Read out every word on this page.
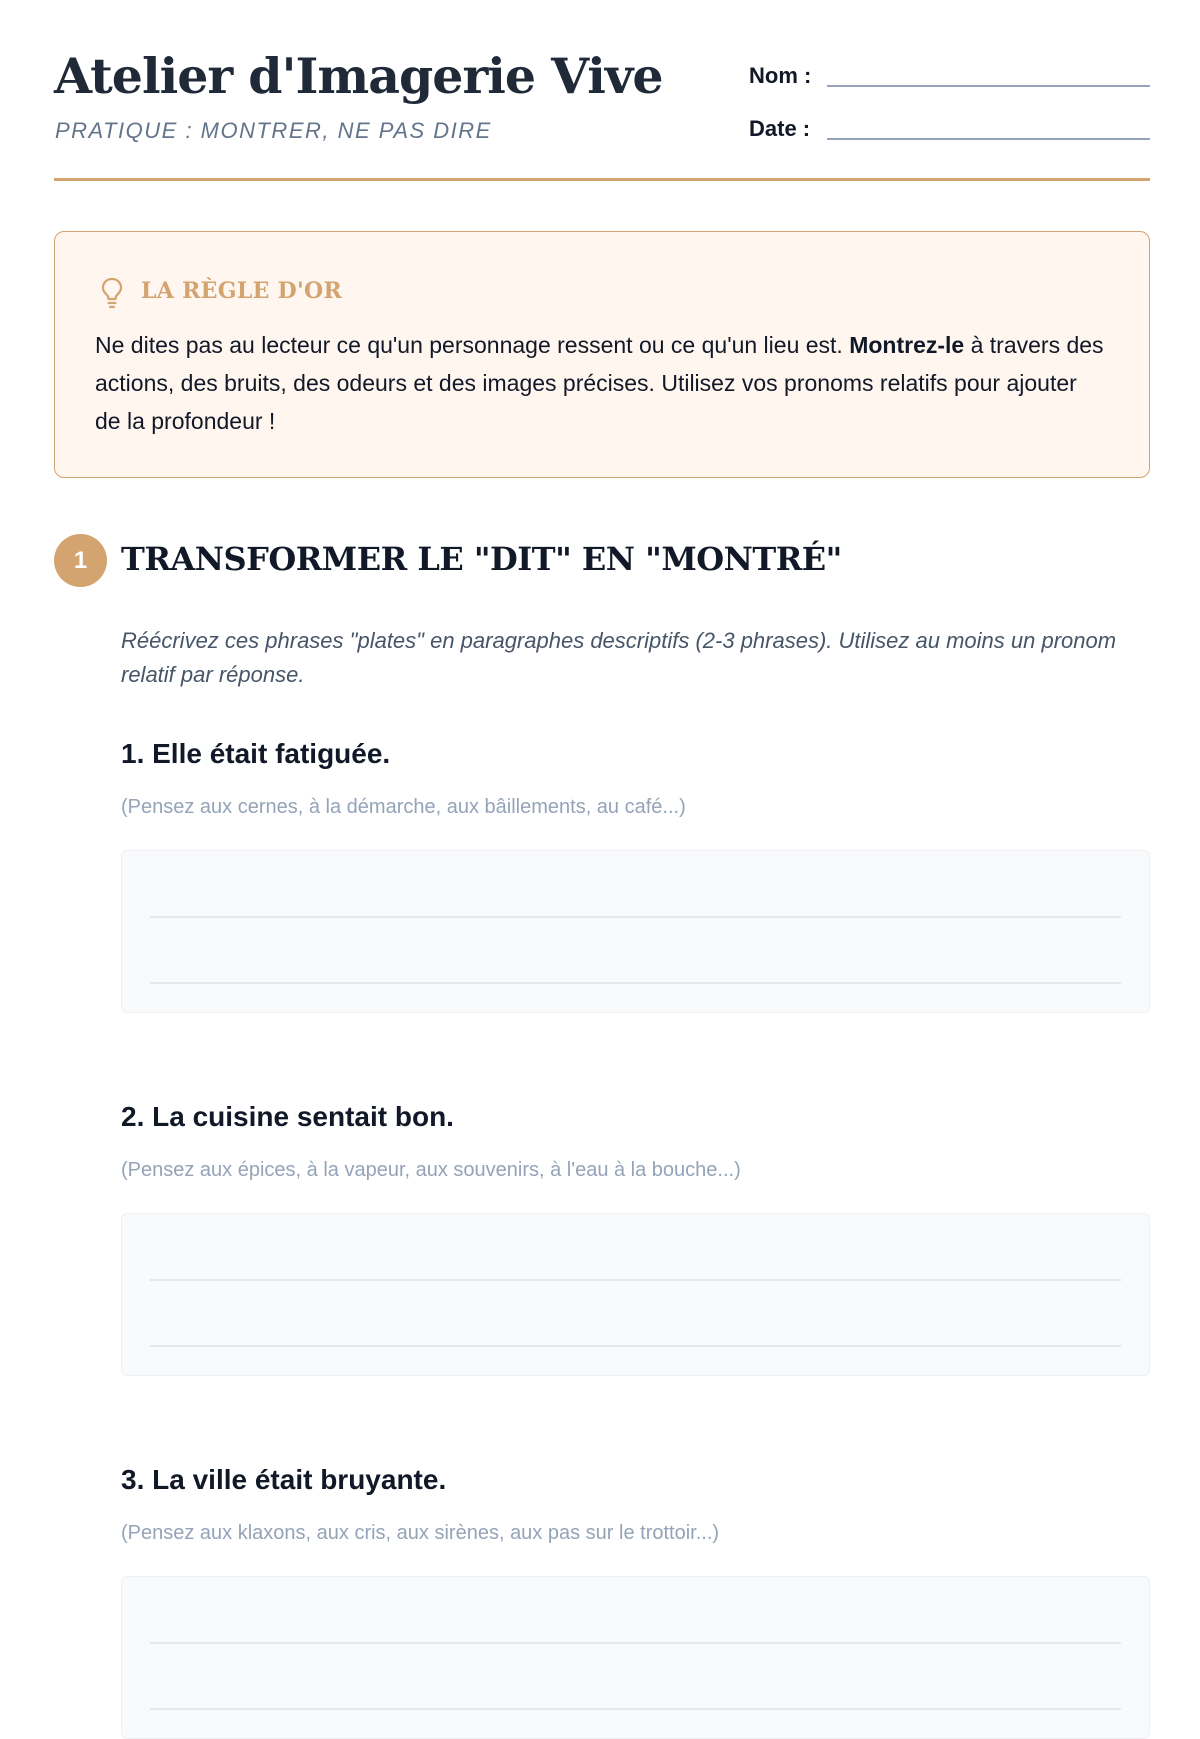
Atelier d'Imagerie Vive

PRATIQUE : MONTRER, NE PAS DIRE

Nom :
Date :
LA RÈGLE D'OR

Ne dites pas au lecteur ce qu'un personnage ressent ou ce qu'un lieu est. Montrez-le à travers des actions, des bruits, des odeurs et des images précises. Utilisez vos pronoms relatifs pour ajouter de la profondeur !

1	TRANSFORMER LE "DIT" EN "MONTRÉ"

Réécrivez ces phrases "plates" en paragraphes descriptifs (2-3 phrases). Utilisez au moins un pronom relatif par réponse.

1. Elle était fatiguée.

(Pensez aux cernes, à la démarche, aux bâillements, au café...)

2. La cuisine sentait bon.

(Pensez aux épices, à la vapeur, aux souvenirs, à l'eau à la bouche...)

3. La ville était bruyante.

(Pensez aux klaxons, aux cris, aux sirènes, aux pas sur le trottoir...)
